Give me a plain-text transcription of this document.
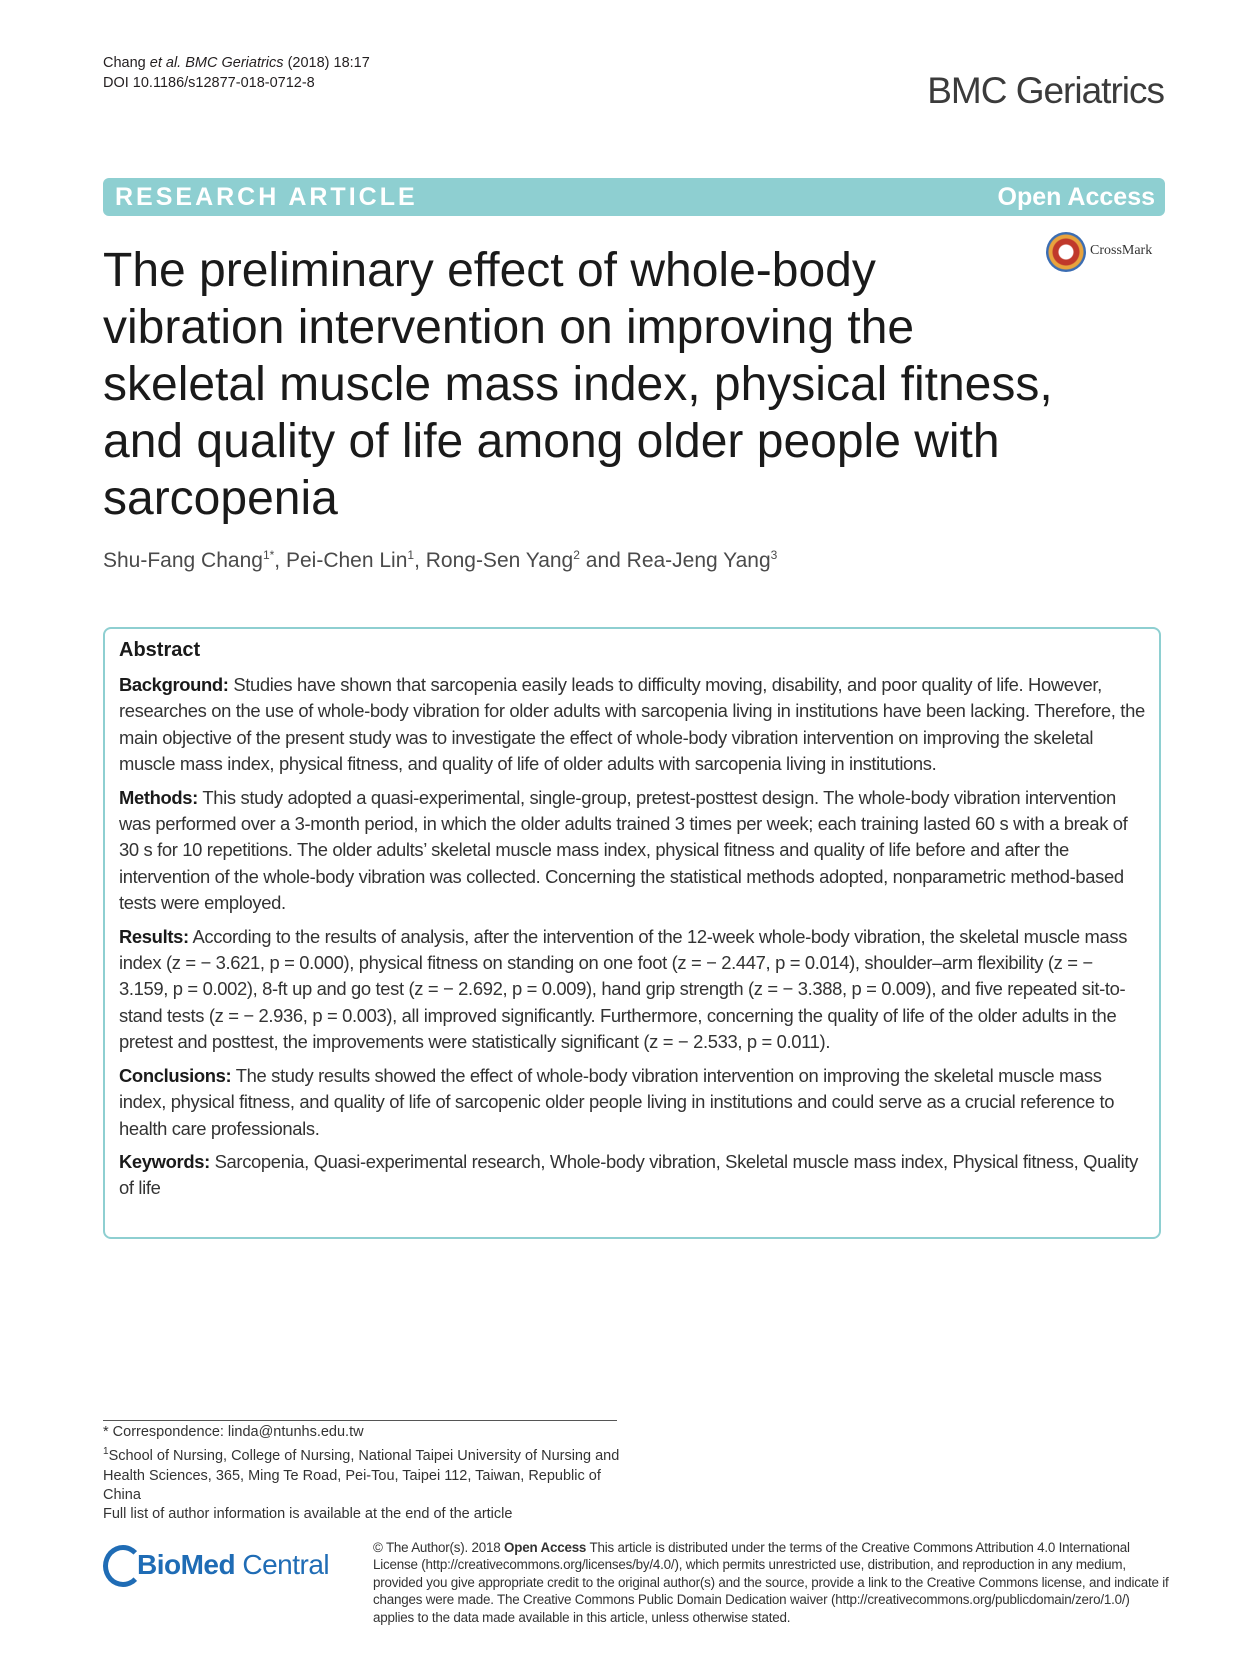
Chang et al. BMC Geriatrics (2018) 18:17
DOI 10.1186/s12877-018-0712-8	BMC Geriatrics
RESEARCH ARTICLE	Open Access
CrossMark
The preliminary effect of whole-body vibration intervention on improving the skeletal muscle mass index, physical fitness, and quality of life among older people with sarcopenia
Shu-Fang Chang$^{1*}$, Pei-Chen Lin$^1$, Rong-Sen Yang$^2$ and Rea-Jeng Yang$^3$
Abstract

Background: Studies have shown that sarcopenia easily leads to difficulty moving, disability, and poor quality of life. However, researches on the use of whole-body vibration for older adults with sarcopenia living in institutions have been lacking. Therefore, the main objective of the present study was to investigate the effect of whole-body vibration intervention on improving the skeletal muscle mass index, physical fitness, and quality of life of older adults with sarcopenia living in institutions.

Methods: This study adopted a quasi-experimental, single-group, pretest-posttest design. The whole-body vibration intervention was performed over a 3-month period, in which the older adults trained 3 times per week; each training lasted 60 s with a break of 30 s for 10 repetitions. The older adults’ skeletal muscle mass index, physical fitness and quality of life before and after the intervention of the whole-body vibration was collected. Concerning the statistical methods adopted, nonparametric method-based tests were employed.

Results: According to the results of analysis, after the intervention of the 12-week whole-body vibration, the skeletal muscle mass index (z = − 3.621, p = 0.000), physical fitness on standing on one foot (z = − 2.447, p = 0.014), shoulder–arm flexibility (z = − 3.159, p = 0.002), 8-ft up and go test (z = − 2.692, p = 0.009), hand grip strength (z = − 3.388, p = 0.009), and five repeated sit-to-stand tests (z = − 2.936, p = 0.003), all improved significantly. Furthermore, concerning the quality of life of the older adults in the pretest and posttest, the improvements were statistically significant (z = − 2.533, p = 0.011).

Conclusions: The study results showed the effect of whole-body vibration intervention on improving the skeletal muscle mass index, physical fitness, and quality of life of sarcopenic older people living in institutions and could serve as a crucial reference to health care professionals.

Keywords: Sarcopenia, Quasi-experimental research, Whole-body vibration, Skeletal muscle mass index, Physical fitness, Quality of life

* Correspondence: linda@ntunhs.edu.tw
$^1$School of Nursing, College of Nursing, National Taipei University of Nursing and Health Sciences, 365, Ming Te Road, Pei-Tou, Taipei 112, Taiwan, Republic of China
Full list of author information is available at the end of the article
BioMed Central
© The Author(s). 2018 Open Access This article is distributed under the terms of the Creative Commons Attribution 4.0 International License (http://creativecommons.org/licenses/by/4.0/), which permits unrestricted use, distribution, and reproduction in any medium, provided you give appropriate credit to the original author(s) and the source, provide a link to the Creative Commons license, and indicate if changes were made. The Creative Commons Public Domain Dedication waiver (http://creativecommons.org/publicdomain/zero/1.0/) applies to the data made available in this article, unless otherwise stated.
